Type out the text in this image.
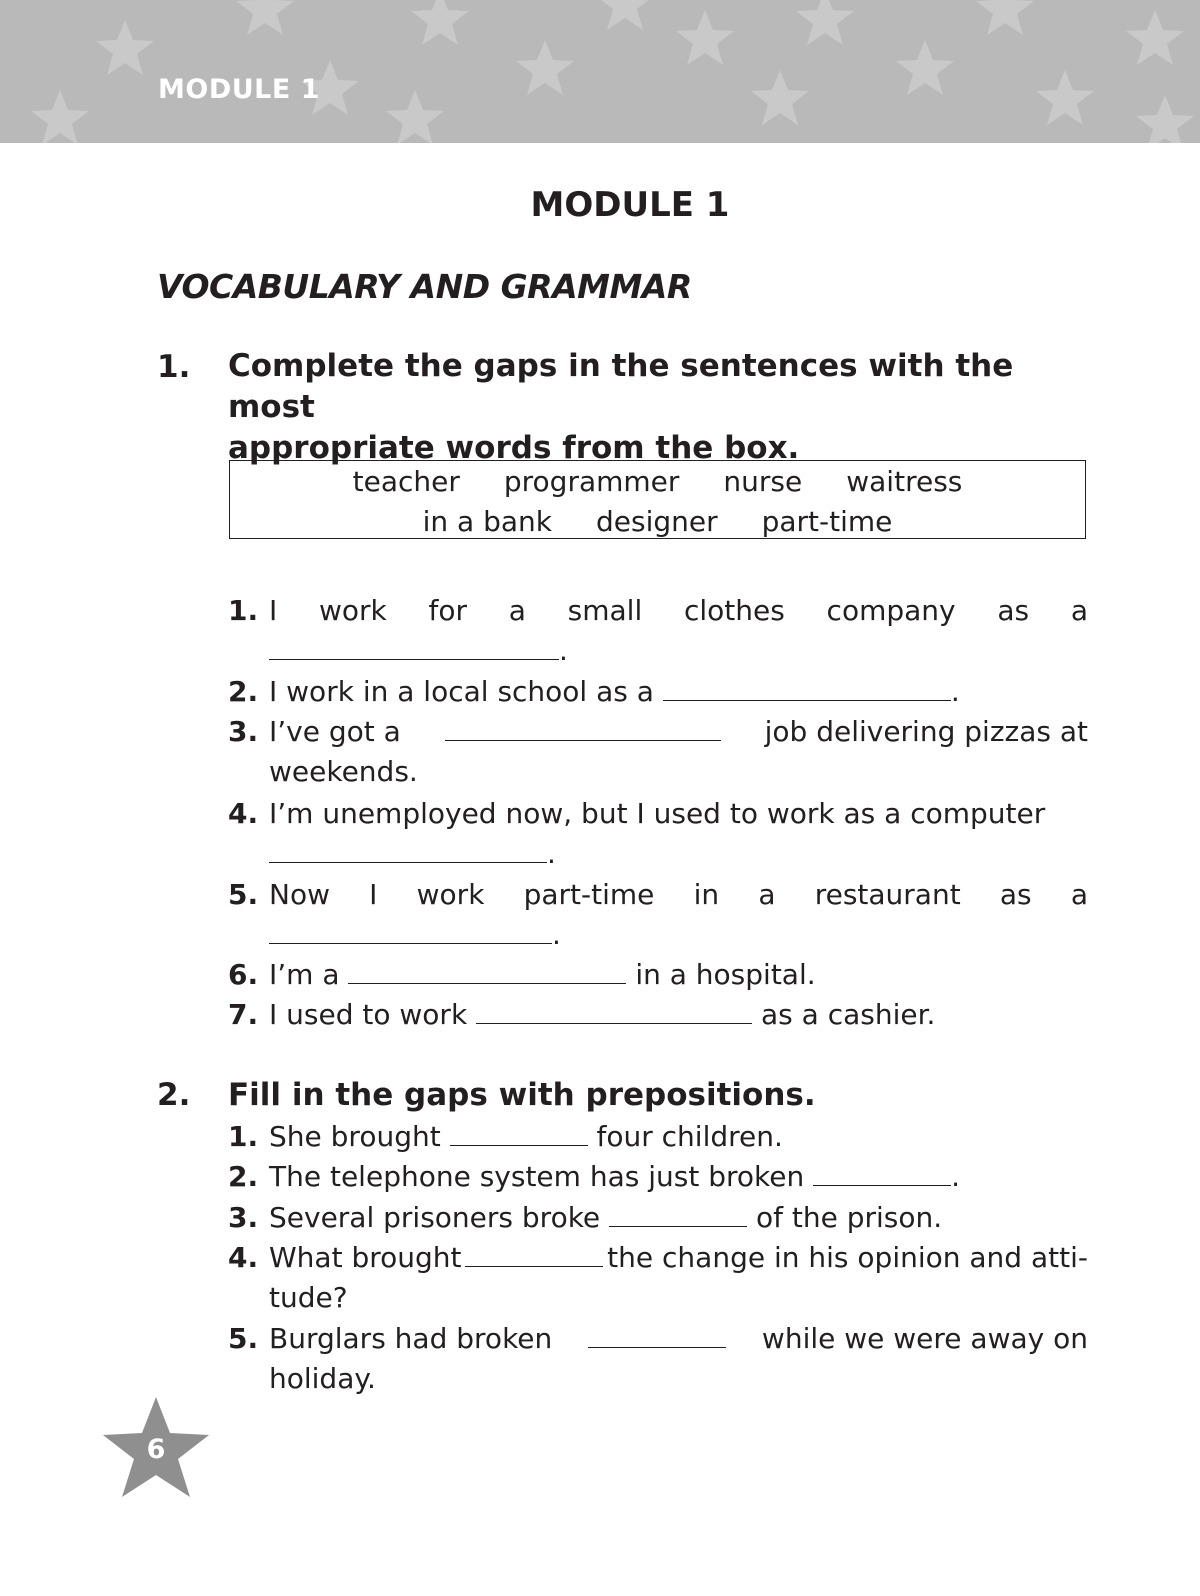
MODULE 1
MODULE 1
VOCABULARY AND GRAMMAR
1. Complete the gaps in the sentences with the most
appropriate words from the box.
teacher programmer nurse waitress
in a bank designer part-time
1. I work for a small clothes company as a
.
2. I work in a local school as a	.
3. I’ve got a	job delivering pizzas at
weekends.
4. I’m unemployed now, but I used to work as a computer
.
5. Now I work part-time in a restaurant as a
.
6. I’m a	in a hospital.
7. I used to work	as a cashier.
2. Fill in the gaps with prepositions.
1. She brought	four children.
2. The telephone system has just broken	.
3. Several prisoners broke	of the prison.
4. What brought	the change in his opinion and atti-
tude?
5. Burglars had broken	while we were away on
holiday.
6
